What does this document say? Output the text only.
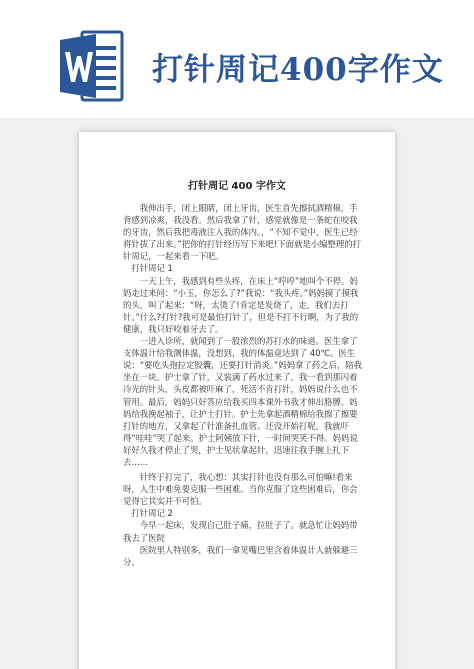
打针周记400字作文
打针周记 400 字作文

我伸出手，闭上眼睛，闭上牙齿，医生首先擦拭酒精棉，手背感到凉爽，我没看。然后我拿了针，感觉就像是一条蛇在咬我的牙齿，然后我把毒液注入我的体内。，“不知不觉中，医生已经将针拔了出来。”把你的打针经历写下来吧!下面就是小编整理的打针周记，一起来看一下吧。

打针周记 1

一天上午，我感到有些头疼，在床上“哼哼”地叫个不停。妈妈走过来问：“小玉，你怎么了?”我说：“我头疼。”妈妈摸了摸我的头，叫了起来：“呀，太烫了!肯定是发烧了，走，我们去打针。”什么?打针?我可是最怕打针了，但是不打不行啊，为了我的健康，我只好咬着牙去了。

一进入诊所，就闻到了一股浓烈的苏打水的味道。医生拿了支体温计给我测体温，没想到，我的体温竟达到了 40℃。医生说：“要吃头孢拉定胶囊，还要打针消炎。”妈妈拿了药之后，陪我坐在一块。护士拿了针，又装满了药水过来了，我一看到那闪着冷光的针头，头皮都被吓麻了，死活不肯打针，妈妈说什么也不管用。最后，妈妈只好答应给我买四本课外书我才伸出胳膊。妈妈给我挽起袖子，让护士打针。护士先拿起酒精棉给我擦了擦要打针的地方，又拿起了针准备扎血管。还没开始打呢，我就吓得“哇哇”哭了起来。护士阿姨放下针，一时间哭笑不得。妈妈说好好久我才停止了哭，护士见状拿起针，迅速往我手腕上扎下去……

针终于打完了，我心想：其实打针也没有那么可怕嘛!看来呀，人生中难免要克服一些困难。当你克服了这些困难后，你会觉得它其实并不可怕。

打针周记 2

今早一起床，发现自己肚子痛，拉肚子了。就急忙让妈妈带我去了医院

医院里人特别多，我们一拿见嘴巴里含着体温计人就躲避三分。
